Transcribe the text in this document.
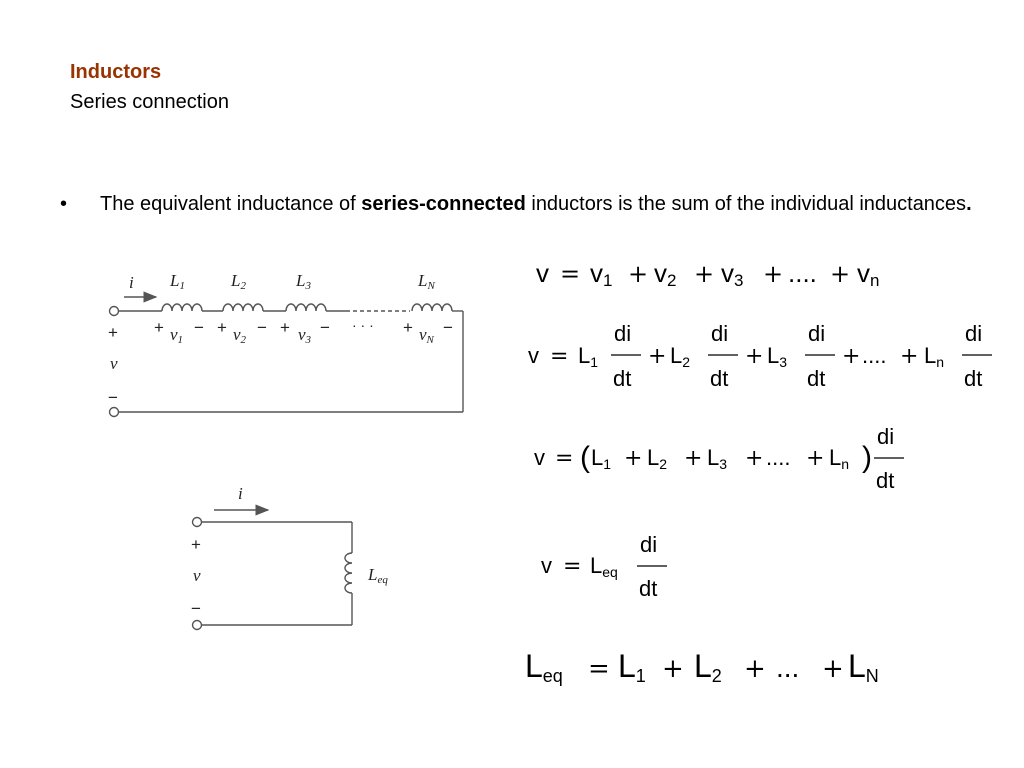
Inductors
Series connection
• The equivalent inductance of series-connected inductors is the sum of the individual inductances.
i L1	L2	L3	LN
+ v1
− + v2
− + v3
− · · · + vN
−
+
v
−
i
+
v
−
Leq
v = v1 + v2 + v3 + .... + vn
v = L1
di
dt
+ L2
di
dt
+ L3
di
dt
+ .... + Ln
di
dt
v = ( L1 + L2 + L3 + .... + Ln )
di
dt
v = Leq
di
dt
Leq = L1 + L2 + ... + LN
